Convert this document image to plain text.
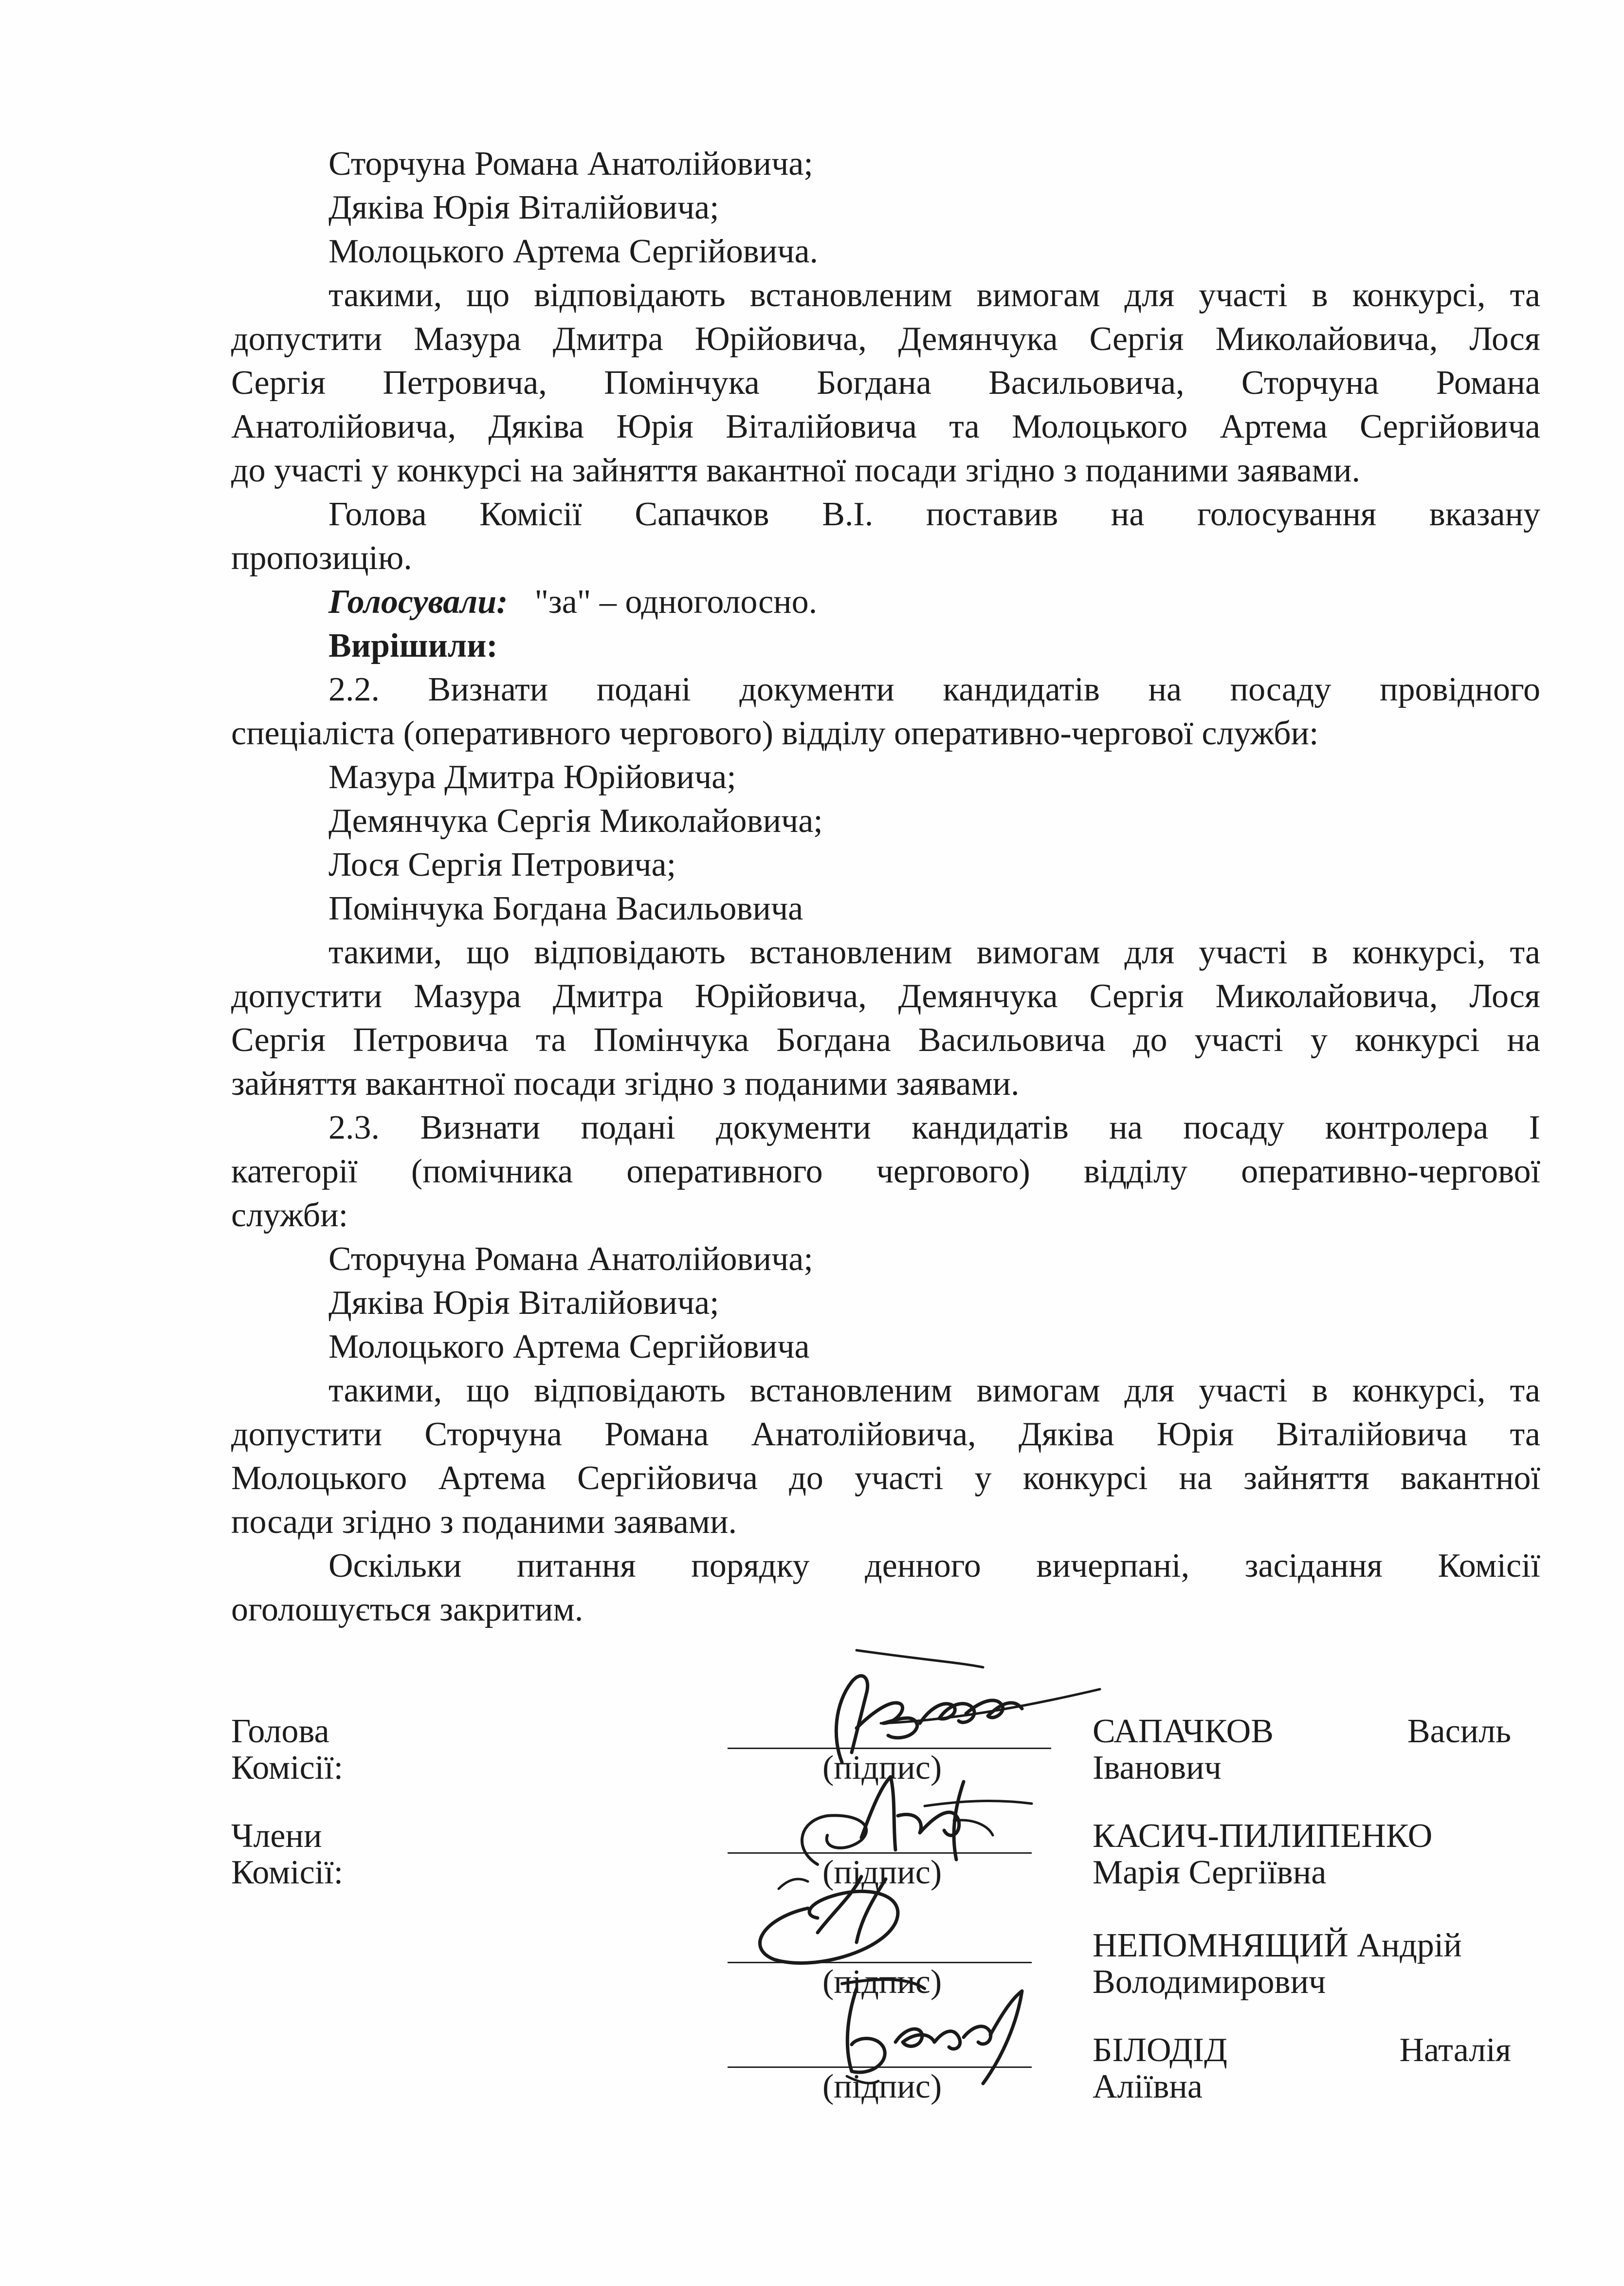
Сторчуна Романа Анатолійовича;
Дяківа Юрія Віталійовича;
Молоцького Артема Сергійовича.
такими, що відповідають встановленим вимогам для участі в конкурсі, та
допустити Мазура Дмитра Юрійовича, Демянчука Сергія Миколайовича, Лося
Сергія Петровича, Помінчука Богдана Васильовича, Сторчуна Романа
Анатолійовича, Дяківа Юрія Віталійовича та Молоцького Артема Сергійовича
до участі у конкурсі на зайняття вакантної посади згідно з поданими заявами.
Голова Комісії Сапачков В.І. поставив на голосування вказану
пропозицію.
Голосували: "за" – одноголосно.
Вирішили:
2.2. Визнати подані документи кандидатів на посаду провідного
спеціаліста (оперативного чергового) відділу оперативно-чергової служби:
Мазура Дмитра Юрійовича;
Демянчука Сергія Миколайовича;
Лося Сергія Петровича;
Помінчука Богдана Васильовича
такими, що відповідають встановленим вимогам для участі в конкурсі, та
допустити Мазура Дмитра Юрійовича, Демянчука Сергія Миколайовича, Лося
Сергія Петровича та Помінчука Богдана Васильовича до участі у конкурсі на
зайняття вакантної посади згідно з поданими заявами.
2.3. Визнати подані документи кандидатів на посаду контролера І
категорії (помічника оперативного чергового) відділу оперативно-чергової
служби:
Сторчуна Романа Анатолійовича;
Дяківа Юрія Віталійовича;
Молоцького Артема Сергійовича
такими, що відповідають встановленим вимогам для участі в конкурсі, та
допустити Сторчуна Романа Анатолійовича, Дяківа Юрія Віталійовича та
Молоцького Артема Сергійовича до участі у конкурсі на зайняття вакантної
посади згідно з поданими заявами.
Оскільки питання порядку денного вичерпані, засідання Комісії
оголошується закритим.
Голова
Комісії:
Члени
Комісії:
(підпис)
САПАЧКОВ	Василь
Іванович
(підпис)
КАСИЧ-ПИЛИПЕНКО
Марія Сергіївна
(підпис)
НЕПОМНЯЩИЙ Андрій
Володимирович
(підпис)
БІЛОДІД	Наталія
Аліївна
